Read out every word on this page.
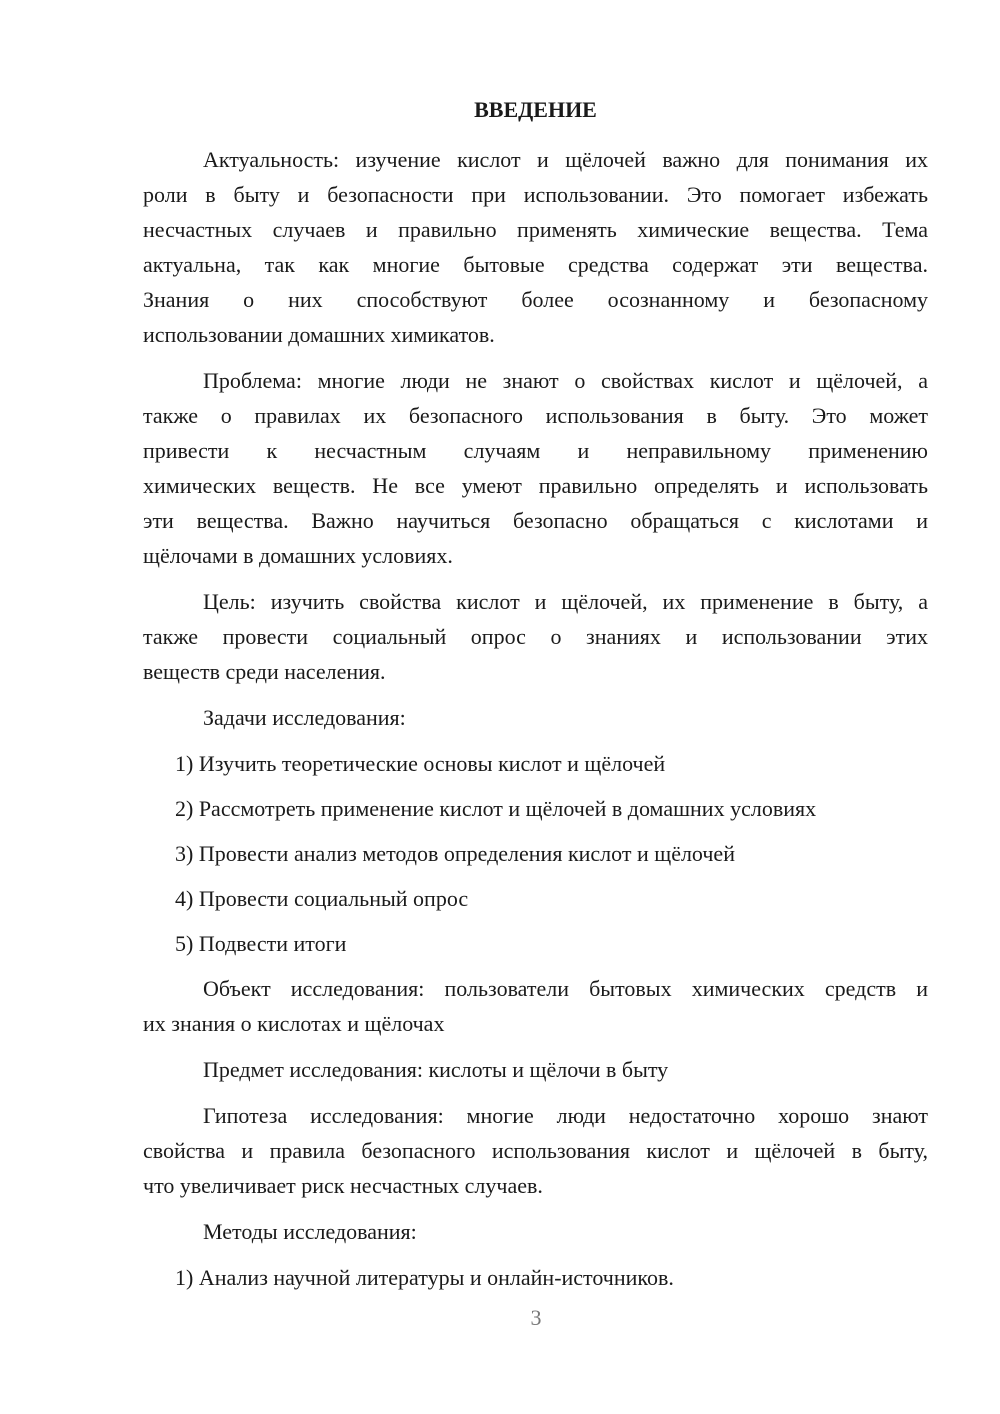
ВВЕДЕНИЕ
Актуальность: изучение кислот и щёлочей важно для понимания их
роли в быту и безопасности при использовании. Это помогает избежать
несчастных случаев и правильно применять химические вещества. Тема
актуальна, так как многие бытовые средства содержат эти вещества.
Знания о них способствуют более осознанному и безопасному
использовании домашних химикатов.
Проблема: многие люди не знают о свойствах кислот и щёлочей, а
также о правилах их безопасного использования в быту. Это может
привести к несчастным случаям и неправильному применению
химических веществ. Не все умеют правильно определять и использовать
эти вещества. Важно научиться безопасно обращаться с кислотами и
щёлочами в домашних условиях.
Цель: изучить свойства кислот и щёлочей, их применение в быту, а
также провести социальный опрос о знаниях и использовании этих
веществ среди населения.
Задачи исследования:
1) Изучить теоретические основы кислот и щёлочей
2) Рассмотреть применение кислот и щёлочей в домашних условиях
3) Провести анализ методов определения кислот и щёлочей
4) Провести социальный опрос
5) Подвести итоги
Объект исследования: пользователи бытовых химических средств и
их знания о кислотах и щёлочах
Предмет исследования: кислоты и щёлочи в быту
Гипотеза исследования: многие люди недостаточно хорошо знают
свойства и правила безопасного использования кислот и щёлочей в быту,
что увеличивает риск несчастных случаев.
Методы исследования:
1) Анализ научной литературы и онлайн-источников.
3
